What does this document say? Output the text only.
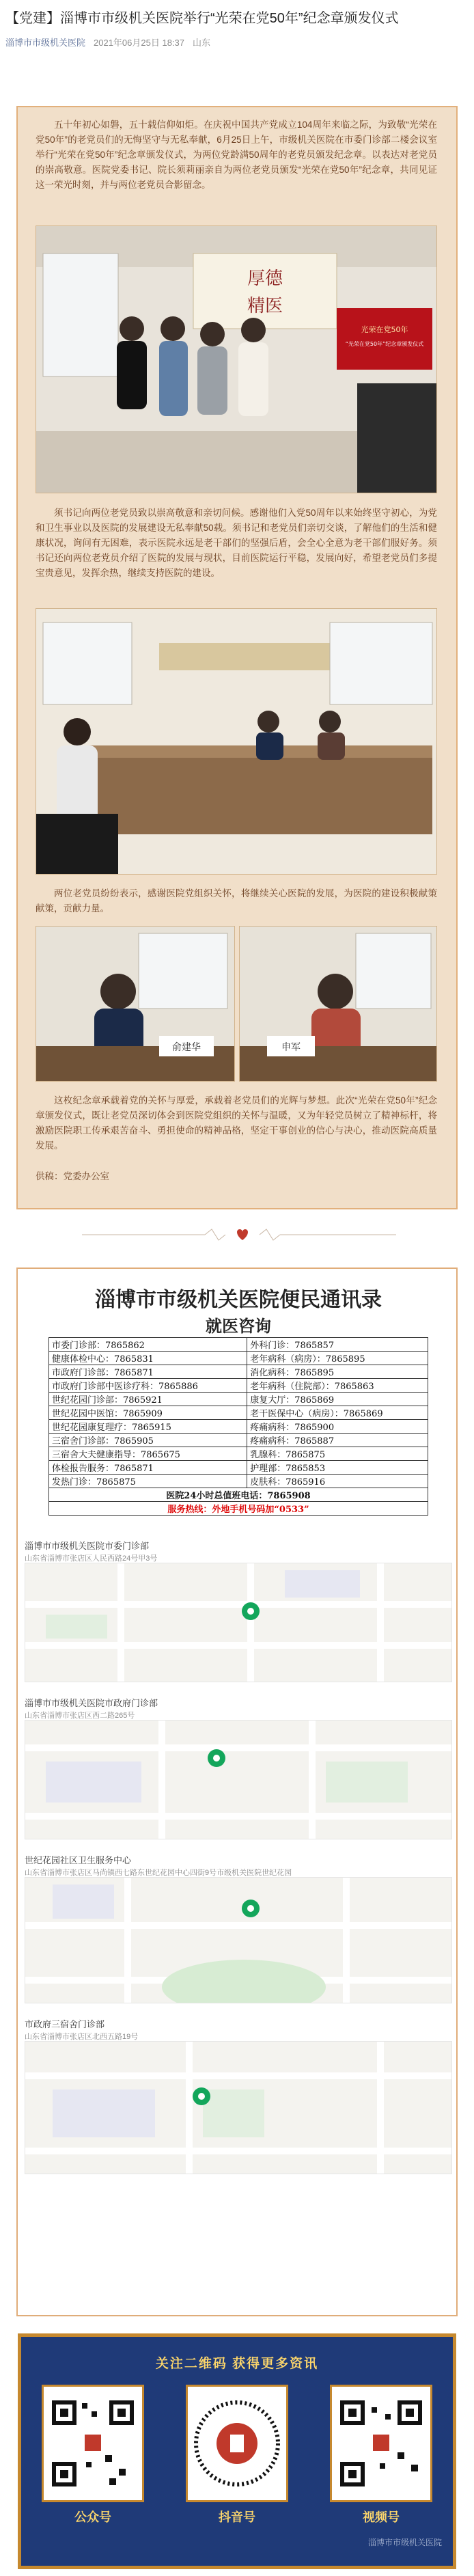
【党建】淄博市市级机关医院举行“光荣在党50年”纪念章颁发仪式
淄博市市级机关医院 2021年06月25日 18:37 山东
五十年初心如磐，五十载信仰如炬。在庆祝中国共产党成立104周年来临之际，为致敬“光荣在党50年”的老党员们的无悔坚守与无私奉献，6月25日上午，市级机关医院在市委门诊部二楼会议室举行“光荣在党50年”纪念章颁发仪式，为两位党龄满50周年的老党员颁发纪念章。以表达对老党员的崇高敬意。医院党委书记、院长须莉丽亲自为两位老党员颁发“光荣在党50年”纪念章，共同见证这一荣光时刻，并与两位老党员合影留念。
厚德
精医
光荣在党50年
“光荣在党50年”纪念章颁发仪式
须书记向两位老党员致以崇高敬意和亲切问候。感谢他们入党50周年以来始终坚守初心，为党和卫生事业以及医院的发展建设无私奉献50载。须书记和老党员们亲切交谈，了解他们的生活和健康状况，询问有无困难，表示医院永远是老干部们的坚强后盾，会全心全意为老干部们服好务。须书记还向两位老党员介绍了医院的发展与现状，目前医院运行平稳，发展向好，希望老党员们多提宝贵意见，发挥余热，继续支持医院的建设。
两位老党员纷纷表示，感谢医院党组织关怀，将继续关心医院的发展，为医院的建设积极献策献策，贡献力量。
俞建华	申军
这枚纪念章承载着党的关怀与厚爱，承载着老党员们的光辉与梦想。此次“光荣在党50年”纪念章颁发仪式，既让老党员深切体会到医院党组织的关怀与温暖，又为年轻党员树立了精神标杆，将激励医院职工传承艰苦奋斗、勇担使命的精神品格，坚定干事创业的信心与决心，推动医院高质量发展。
供稿：党委办公室
淄博市市级机关医院便民通讯录
就医咨询
市委门诊部：7865862	外科门诊：7865857
健康体检中心：7865831	老年病科（病房）：7865895
市政府门诊部：7865871	消化病科：7865895
市政府门诊部中医诊疗科：7865886	老年病科（住院部）：7865863
世纪花园门诊部：7865921	康复大厅：7865869
世纪花园中医馆：7865909	老干医保中心（病房）：7865869
世纪花园康复理疗：7865915	疼痛病科：7865900
三宿舍门诊部：7865905	疼痛病科：7865887
三宿舍大夫健康指导：7865675	乳腺科：7865875
体检报告服务：7865871	护理部：7865853
发热门诊：7865875	皮肤科：7865916
医院24小时总值班电话：7865908	
服务热线：外地手机号码加“0533”	
淄博市市级机关医院市委门诊部
山东省淄博市张店区人民西路24号甲3号
淄博市市级机关医院市政府门诊部
山东省淄博市张店区西二路265号
世纪花园社区卫生服务中心
山东省淄博市张店区马尚镇西七路东世纪花园中心四街9号市级机关医院世纪花园
市政府三宿舍门诊部
山东省淄博市张店区北西五路19号
关注二维码 获得更多资讯
公众号	抖音号	视频号
淄博市市级机关医院
